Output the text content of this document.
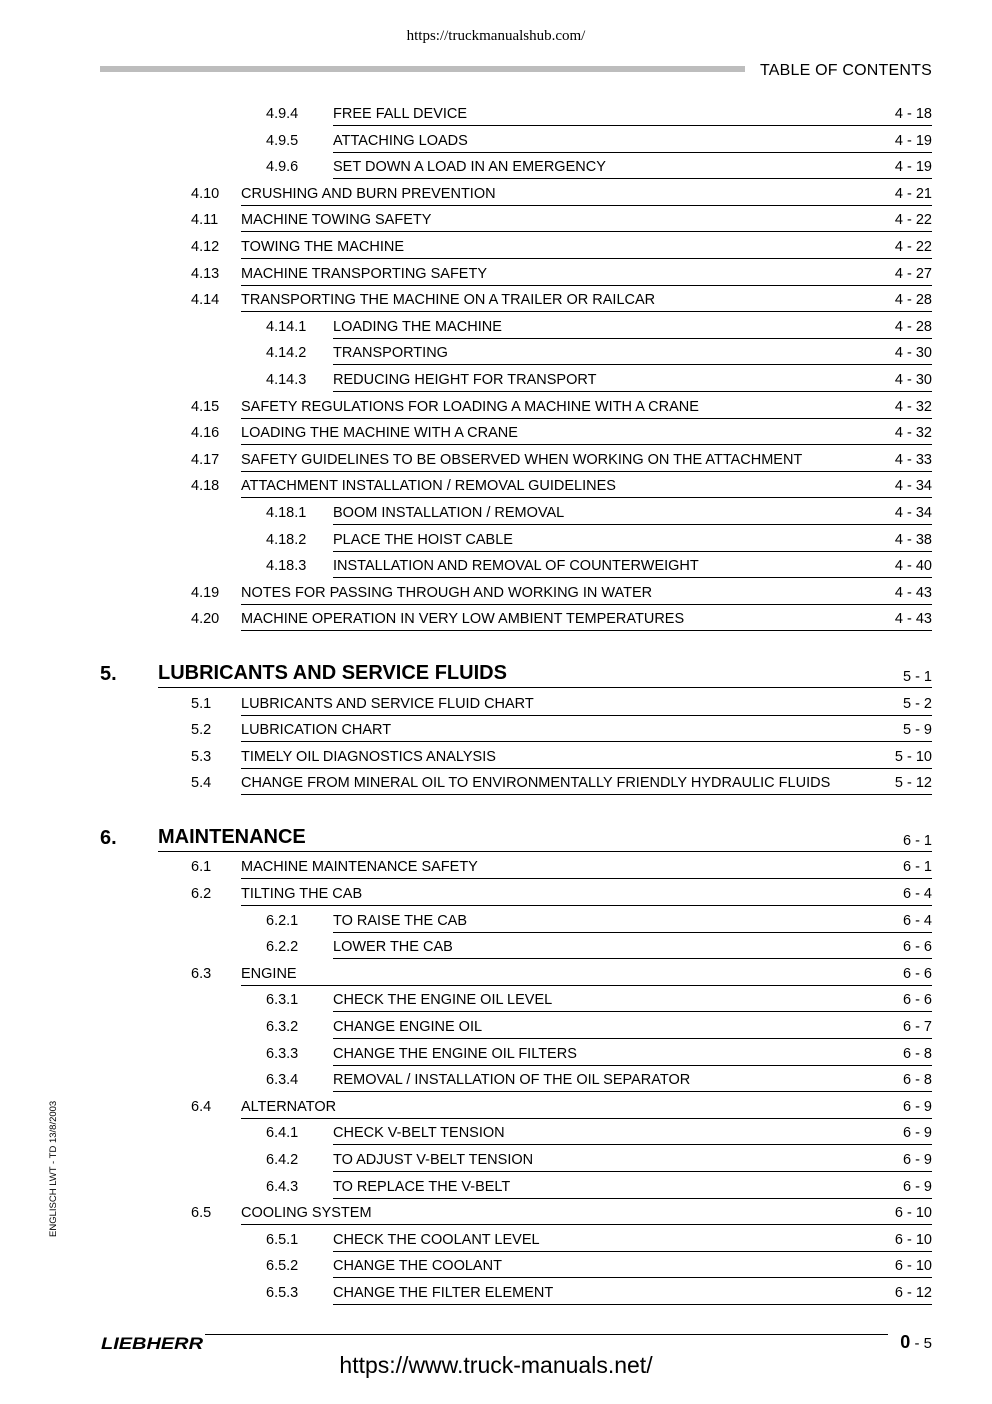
https://truckmanualshub.com/
TABLE OF CONTENTS
4.9.4 FREE FALL DEVICE	4 - 18
4.9.5 ATTACHING LOADS	4 - 19
4.9.6 SET DOWN A LOAD IN AN EMERGENCY	4 - 19
4.10 CRUSHING AND BURN PREVENTION	4 - 21
4.11 MACHINE TOWING SAFETY	4 - 22
4.12 TOWING THE MACHINE	4 - 22
4.13 MACHINE TRANSPORTING SAFETY	4 - 27
4.14 TRANSPORTING THE MACHINE ON A TRAILER OR RAILCAR	4 - 28
4.14.1 LOADING THE MACHINE	4 - 28
4.14.2 TRANSPORTING	4 - 30
4.14.3 REDUCING HEIGHT FOR TRANSPORT	4 - 30
4.15 SAFETY REGULATIONS FOR LOADING A MACHINE WITH A CRANE	4 - 32
4.16 LOADING THE MACHINE WITH A CRANE	4 - 32
4.17 SAFETY GUIDELINES TO BE OBSERVED WHEN WORKING ON THE ATTACHMENT	4 - 33
4.18 ATTACHMENT INSTALLATION / REMOVAL GUIDELINES	4 - 34
4.18.1 BOOM INSTALLATION / REMOVAL	4 - 34
4.18.2 PLACE THE HOIST CABLE	4 - 38
4.18.3 INSTALLATION AND REMOVAL OF COUNTERWEIGHT	4 - 40
4.19 NOTES FOR PASSING THROUGH AND WORKING IN WATER	4 - 43
4.20 MACHINE OPERATION IN VERY LOW AMBIENT TEMPERATURES	4 - 43
5. LUBRICANTS AND SERVICE FLUIDS	5 - 1
5.1 LUBRICANTS AND SERVICE FLUID CHART	5 - 2
5.2 LUBRICATION CHART	5 - 9
5.3 TIMELY OIL DIAGNOSTICS ANALYSIS	5 - 10
5.4 CHANGE FROM MINERAL OIL TO ENVIRONMENTALLY FRIENDLY HYDRAULIC FLUIDS	5 - 12
6. MAINTENANCE	6 - 1
6.1 MACHINE MAINTENANCE SAFETY	6 - 1
6.2 TILTING THE CAB	6 - 4
6.2.1 TO RAISE THE CAB	6 - 4
6.2.2 LOWER THE CAB	6 - 6
6.3 ENGINE	6 - 6
6.3.1 CHECK THE ENGINE OIL LEVEL	6 - 6
6.3.2 CHANGE ENGINE OIL	6 - 7
6.3.3 CHANGE THE ENGINE OIL FILTERS	6 - 8
6.3.4 REMOVAL / INSTALLATION OF THE OIL SEPARATOR	6 - 8
6.4 ALTERNATOR	6 - 9
6.4.1 CHECK V-BELT TENSION	6 - 9
6.4.2 TO ADJUST V-BELT TENSION	6 - 9
6.4.3 TO REPLACE THE V-BELT	6 - 9
6.5 COOLING SYSTEM	6 - 10
6.5.1 CHECK THE COOLANT LEVEL	6 - 10
6.5.2 CHANGE THE COOLANT	6 - 10
6.5.3 CHANGE THE FILTER ELEMENT	6 - 12
ENGLISCH LWT - TD 13/8/2003
LIEBHERR	0 - 5
https://www.truck-manuals.net/
